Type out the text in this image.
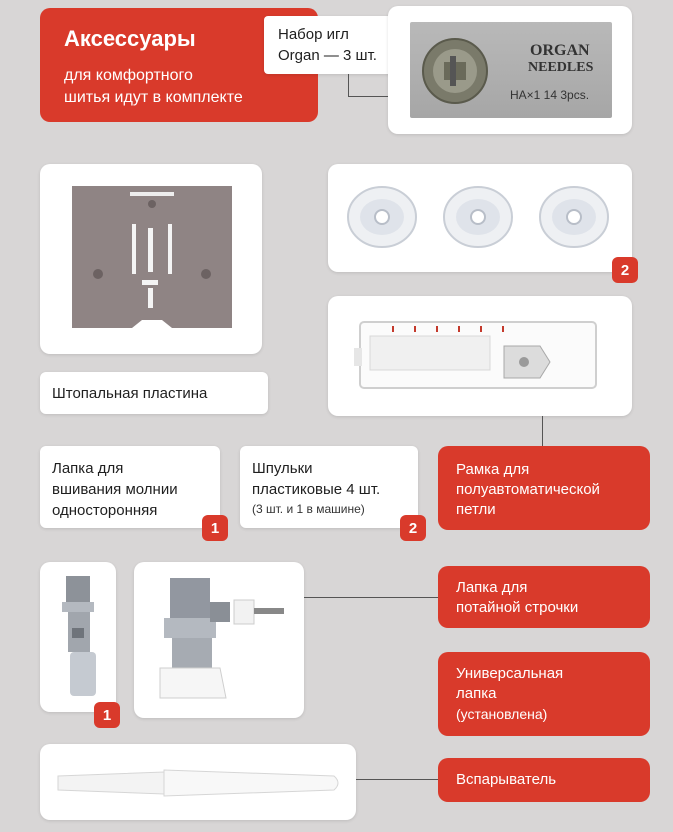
Аксессуары
для комфортного
шитья идут в комплекте
Набор игл
Organ — 3 шт.	ORGAN
NEEDLES
HA×1 14 3pcs.
Штопальная пластина
2
Лапка для
вшивания молнии
односторонняя
1
Шпульки
пластиковые 4 шт.
(3 шт. и 1 в машине)
2
Рамка для
полуавтоматической
петли
1
Лапка для
потайной строчки
Универсальная
лапка
(установлена)
Вспарыватель
